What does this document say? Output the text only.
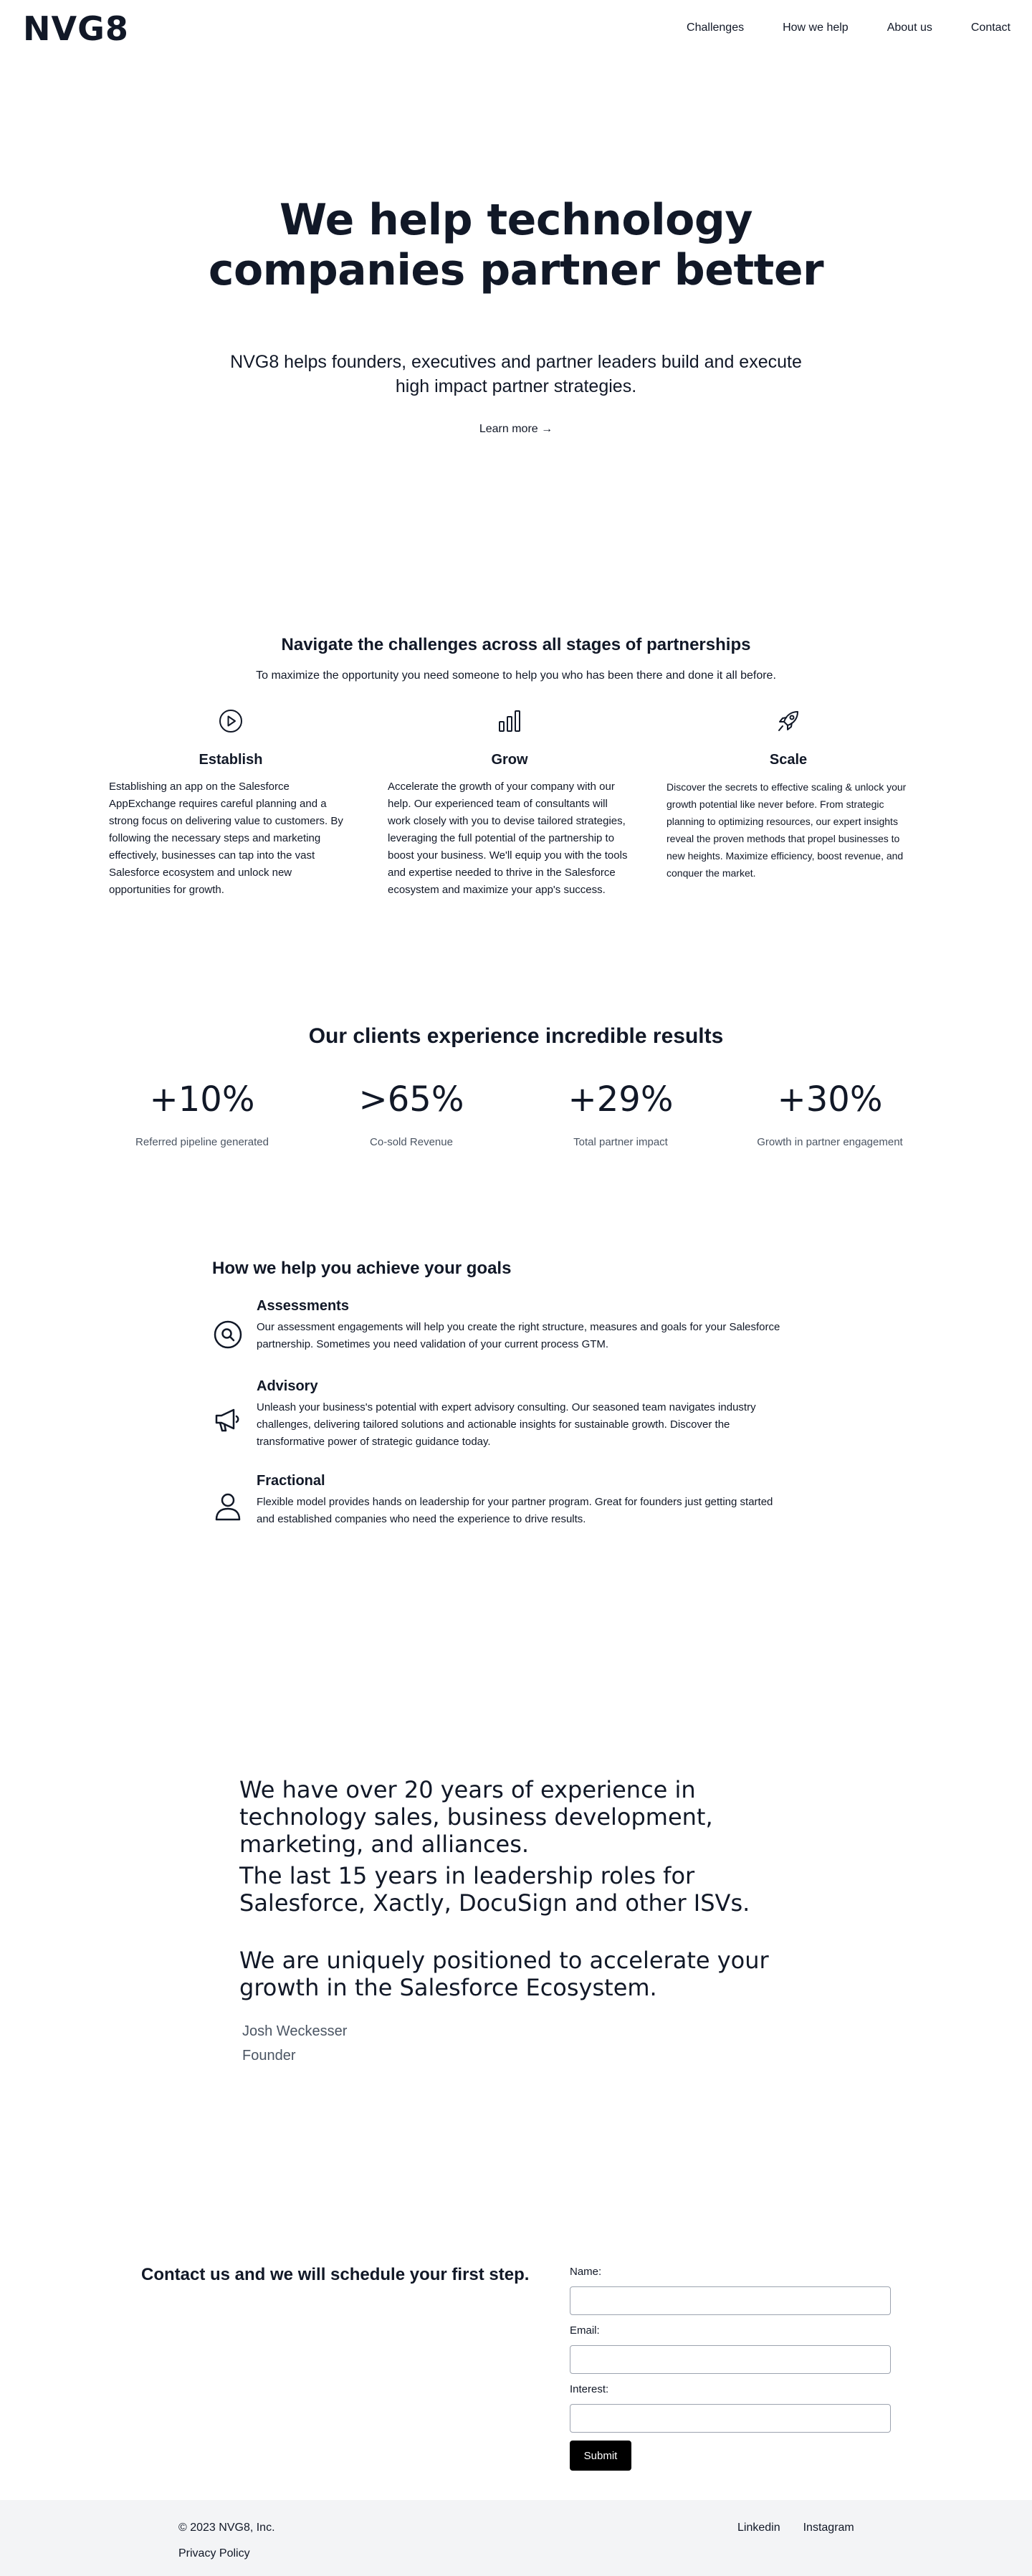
NVG8	Challenges	How we help	About us	Contact
We help technology
companies partner better

NVG8 helps founders, executives and partner leaders build and execute high impact partner strategies.

Learn more →
Navigate the challenges across all stages of partnerships

To maximize the opportunity you need someone to help you who has been there and done it all before.

Establish

Establishing an app on the Salesforce AppExchange requires careful planning and a strong focus on delivering value to customers. By following the necessary steps and marketing effectively, businesses can tap into the vast Salesforce ecosystem and unlock new opportunities for growth.

Grow

Accelerate the growth of your company with our help. Our experienced team of consultants will work closely with you to devise tailored strategies, leveraging the full potential of the partnership to boost your business. We'll equip you with the tools and expertise needed to thrive in the Salesforce ecosystem and maximize your app's success.

Scale

Discover the secrets to effective scaling & unlock your growth potential like never before. From strategic planning to optimizing resources, our expert insights reveal the proven methods that propel businesses to new heights. Maximize efficiency, boost revenue, and conquer the market.

Our clients experience incredible results
+10%
Referred pipeline generated
>65%
Co-sold Revenue
+29%
Total partner impact
+30%
Growth in partner engagement
How we help you achieve your goals
Assessments

Our assessment engagements will help you create the right structure, measures and goals for your Salesforce partnership. Sometimes you need validation of your current process GTM.

Advisory

Unleash your business's potential with expert advisory consulting. Our seasoned team navigates industry challenges, delivering tailored solutions and actionable insights for sustainable growth. Discover the transformative power of strategic guidance today.

Fractional

Flexible model provides hands on leadership for your partner program. Great for founders just getting started and established companies who need the experience to drive results.

We have over 20 years of experience in technology sales, business development, marketing, and alliances.

The last 15 years in leadership roles for Salesforce, Xactly, DocuSign and other ISVs.

We are uniquely positioned to accelerate your growth in the Salesforce Ecosystem.

Josh Weckesser
Founder
Contact us and we will schedule your first step.	Name:
Email:
Interest:
Submit
© 2023 NVG8, Inc.
Privacy Policy
Linkedin Instagram
